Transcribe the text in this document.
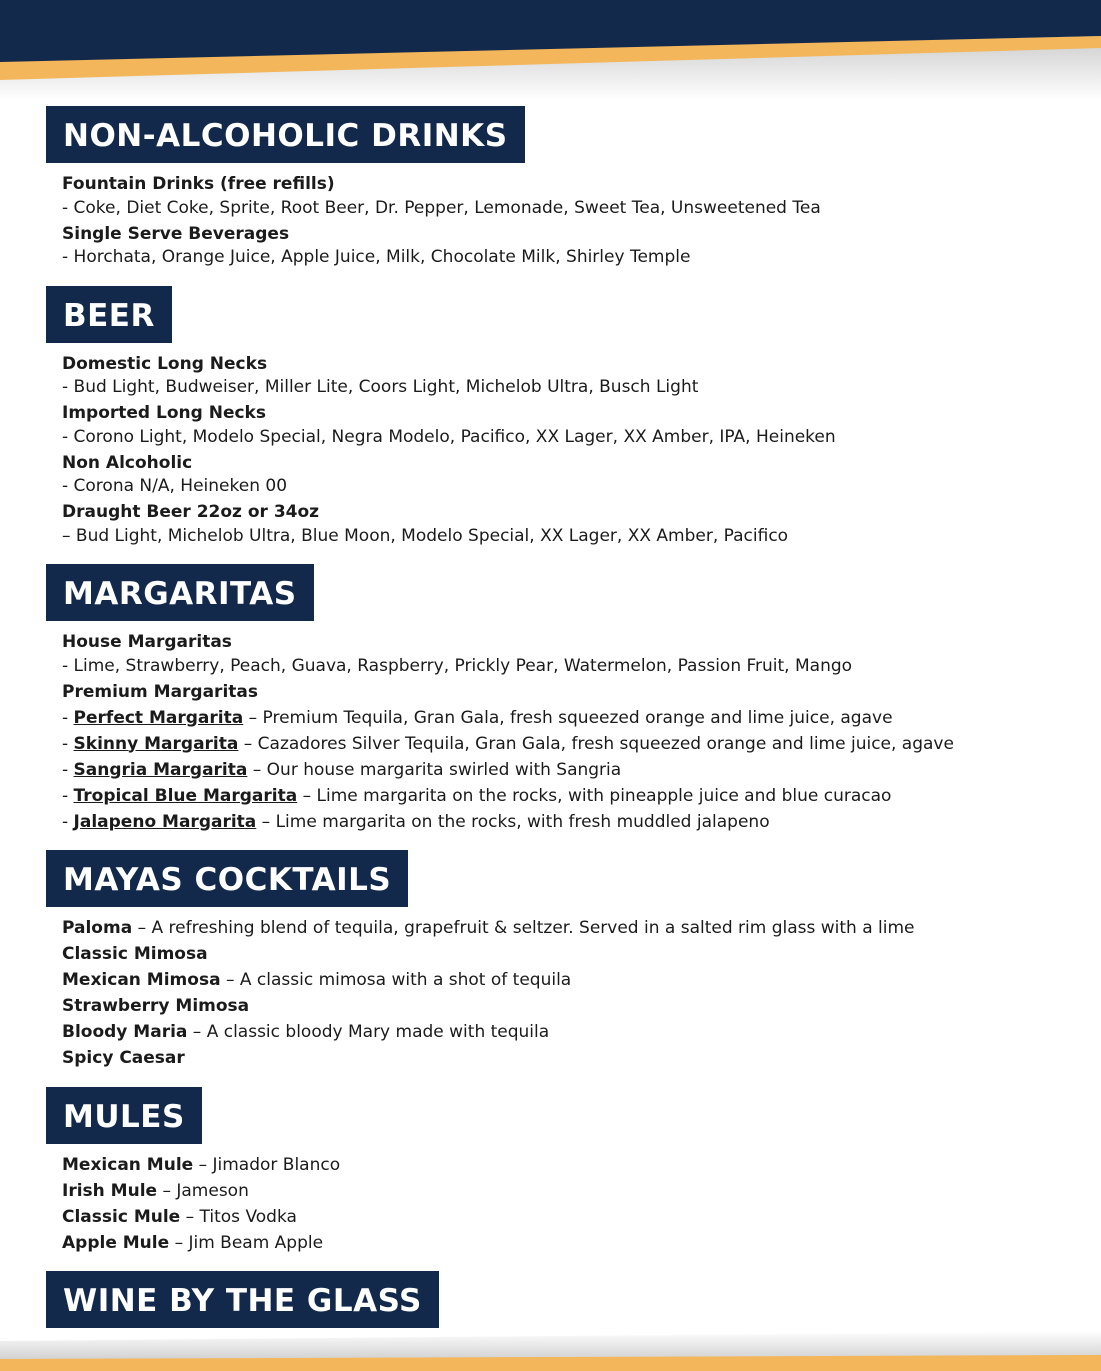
NON-ALCOHOLIC DRINKS
Fountain Drinks (free refills)
- Coke, Diet Coke, Sprite, Root Beer, Dr. Pepper, Lemonade, Sweet Tea, Unsweetened Tea
Single Serve Beverages
- Horchata, Orange Juice, Apple Juice, Milk, Chocolate Milk, Shirley Temple
BEER
Domestic Long Necks
- Bud Light, Budweiser, Miller Lite, Coors Light, Michelob Ultra, Busch Light
Imported Long Necks
- Corono Light, Modelo Special, Negra Modelo, Pacifico, XX Lager, XX Amber, IPA, Heineken
Non Alcoholic
- Corona N/A, Heineken 00
Draught Beer 22oz or 34oz
– Bud Light, Michelob Ultra, Blue Moon, Modelo Special, XX Lager, XX Amber, Pacifico
MARGARITAS
House Margaritas
- Lime, Strawberry, Peach, Guava, Raspberry, Prickly Pear, Watermelon, Passion Fruit, Mango
Premium Margaritas
- Perfect Margarita – Premium Tequila, Gran Gala, fresh squeezed orange and lime juice, agave
- Skinny Margarita – Cazadores Silver Tequila, Gran Gala, fresh squeezed orange and lime juice, agave
- Sangria Margarita – Our house margarita swirled with Sangria
- Tropical Blue Margarita – Lime margarita on the rocks, with pineapple juice and blue curacao
- Jalapeno Margarita – Lime margarita on the rocks, with fresh muddled jalapeno
MAYAS COCKTAILS
Paloma – A refreshing blend of tequila, grapefruit & seltzer. Served in a salted rim glass with a lime
Classic Mimosa
Mexican Mimosa – A classic mimosa with a shot of tequila
Strawberry Mimosa
Bloody Maria – A classic bloody Mary made with tequila
Spicy Caesar
MULES
Mexican Mule – Jimador Blanco
Irish Mule – Jameson
Classic Mule – Titos Vodka
Apple Mule – Jim Beam Apple
WINE BY THE GLASS
